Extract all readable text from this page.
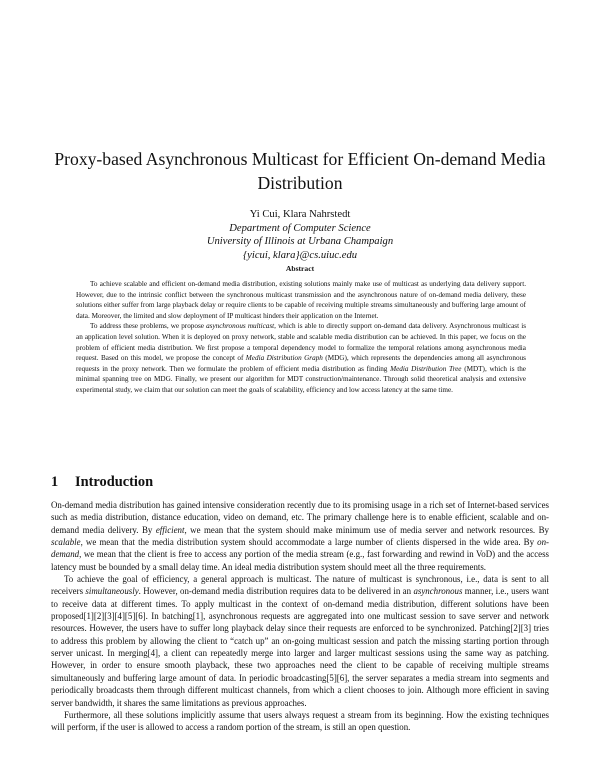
Proxy-based Asynchronous Multicast for Efficient On-demand Media Distribution
Yi Cui, Klara Nahrstedt
Department of Computer Science
University of Illinois at Urbana Champaign
{yicui, klara}@cs.uiuc.edu
Abstract

To achieve scalable and efficient on-demand media distribution, existing solutions mainly make use of multicast as underlying data delivery support. However, due to the intrinsic conflict between the synchronous multicast transmission and the asynchronous nature of on-demand media delivery, these solutions either suffer from large playback delay or require clients to be capable of receiving multiple streams simultaneously and buffering large amount of data. Moreover, the limited and slow deployment of IP multicast hinders their application on the Internet.

To address these problems, we propose asynchronous multicast, which is able to directly support on-demand data delivery. Asynchronous multicast is an application level solution. When it is deployed on proxy network, stable and scalable media distribution can be achieved. In this paper, we focus on the problem of efficient media distribution. We first propose a temporal dependency model to formalize the temporal relations among asynchronous media request. Based on this model, we propose the concept of Media Distribution Graph (MDG), which represents the dependencies among all asynchronous requests in the proxy network. Then we formulate the problem of efficient media distribution as finding Media Distribution Tree (MDT), which is the minimal spanning tree on MDG. Finally, we present our algorithm for MDT construction/maintenance. Through solid theoretical analysis and extensive experimental study, we claim that our solution can meet the goals of scalability, efficiency and low access latency at the same time.

1 Introduction

On-demand media distribution has gained intensive consideration recently due to its promising usage in a rich set of Internet-based services such as media distribution, distance education, video on demand, etc. The primary challenge here is to enable efficient, scalable and on-demand media delivery. By efficient, we mean that the system should make minimum use of media server and network resources. By scalable, we mean that the media distribution system should accommodate a large number of clients dispersed in the wide area. By on-demand, we mean that the client is free to access any portion of the media stream (e.g., fast forwarding and rewind in VoD) and the access latency must be bounded by a small delay time. An ideal media distribution system should meet all the three requirements.

To achieve the goal of efficiency, a general approach is multicast. The nature of multicast is synchronous, i.e., data is sent to all receivers simultaneously. However, on-demand media distribution requires data to be delivered in an asynchronous manner, i.e., users want to receive data at different times. To apply multicast in the context of on-demand media distribution, different solutions have been proposed[1][2][3][4][5][6]. In batching[1], asynchronous requests are aggregated into one multicast session to save server and network resources. However, the users have to suffer long playback delay since their requests are enforced to be synchronized. Patching[2][3] tries to address this problem by allowing the client to “catch up” an on-going multicast session and patch the missing starting portion through server unicast. In merging[4], a client can repeatedly merge into larger and larger multicast sessions using the same way as patching. However, in order to ensure smooth playback, these two approaches need the client to be capable of receiving multiple streams simultaneously and buffering large amount of data. In periodic broadcasting[5][6], the server separates a media stream into segments and periodically broadcasts them through different multicast channels, from which a client chooses to join. Although more efficient in saving server bandwidth, it shares the same limitations as previous approaches.

Furthermore, all these solutions implicitly assume that users always request a stream from its beginning. How the existing techniques will perform, if the user is allowed to access a random portion of the stream, is still an open question.
